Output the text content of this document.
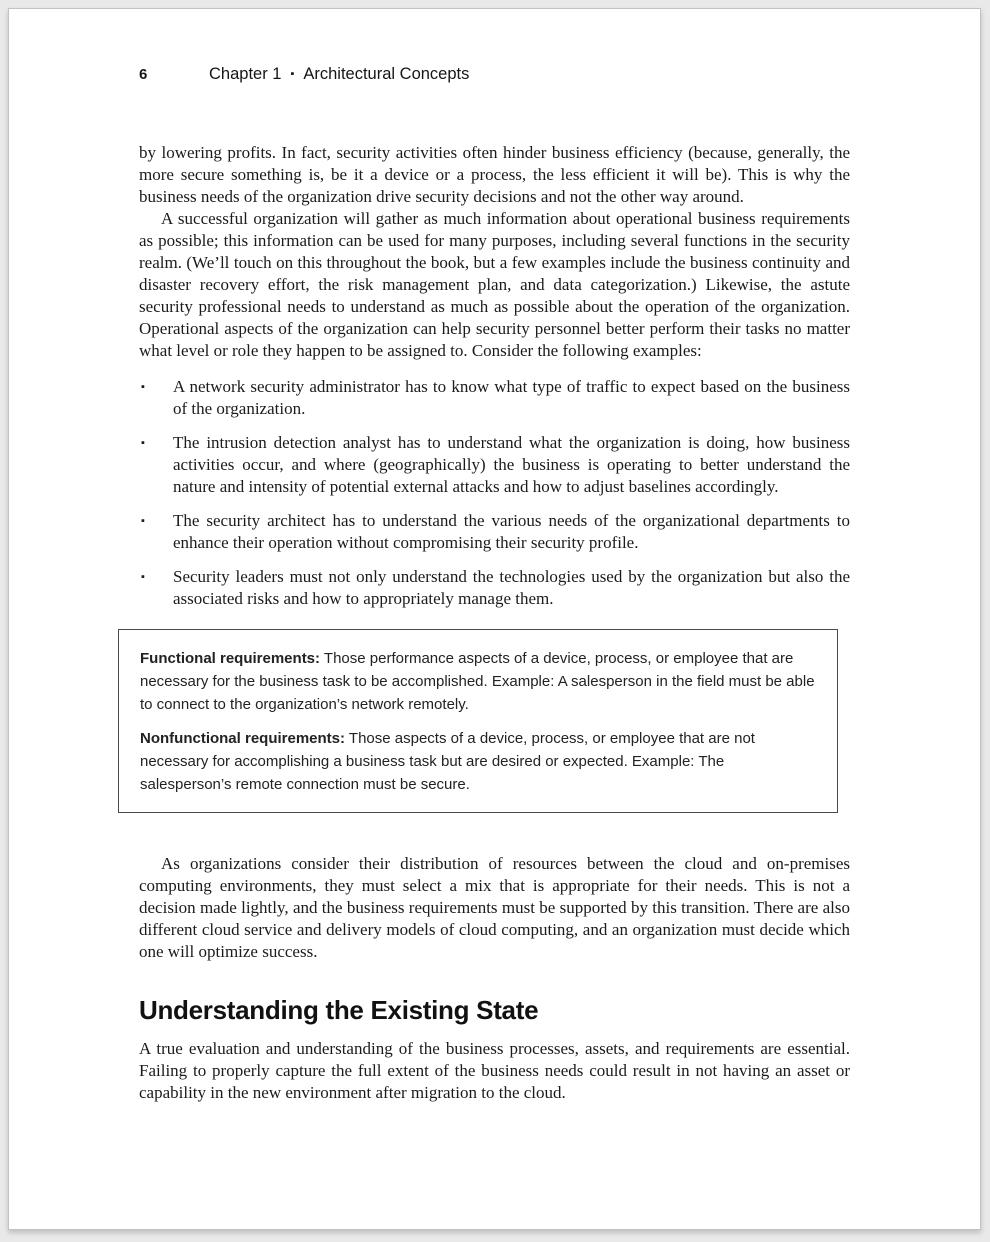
6	Chapter 1 ▪ Architectural Concepts

by lowering profits. In fact, security activities often hinder business efficiency (because, generally, the more secure something is, be it a device or a process, the less efficient it will be). This is why the business needs of the organization drive security decisions and not the other way around.

A successful organization will gather as much information about operational business requirements as possible; this information can be used for many purposes, including several functions in the security realm. (We’ll touch on this throughout the book, but a few examples include the business continuity and disaster recovery effort, the risk management plan, and data categorization.) Likewise, the astute security professional needs to understand as much as possible about the operation of the organization. Operational aspects of the organization can help security personnel better perform their tasks no matter what level or role they happen to be assigned to. Consider the following examples:

▪ A network security administrator has to know what type of traffic to expect based on the business of the organization.
▪ The intrusion detection analyst has to understand what the organization is doing, how business activities occur, and where (geographically) the business is operating to better understand the nature and intensity of potential external attacks and how to adjust baselines accordingly.
▪ The security architect has to understand the various needs of the organizational departments to enhance their operation without compromising their security profile.
▪ Security leaders must not only understand the technologies used by the organization but also the associated risks and how to appropriately manage them.

Functional requirements: Those performance aspects of a device, process, or employee that are necessary for the business task to be accomplished. Example: A salesperson in the field must be able to connect to the organization’s network remotely.

Nonfunctional requirements: Those aspects of a device, process, or employee that are not necessary for accomplishing a business task but are desired or expected. Example: The salesperson’s remote connection must be secure.

As organizations consider their distribution of resources between the cloud and on-premises computing environments, they must select a mix that is appropriate for their needs. This is not a decision made lightly, and the business requirements must be supported by this transition. There are also different cloud service and delivery models of cloud computing, and an organization must decide which one will optimize success.

Understanding the Existing State

A true evaluation and understanding of the business processes, assets, and requirements are essential. Failing to properly capture the full extent of the business needs could result in not having an asset or capability in the new environment after migration to the cloud.
